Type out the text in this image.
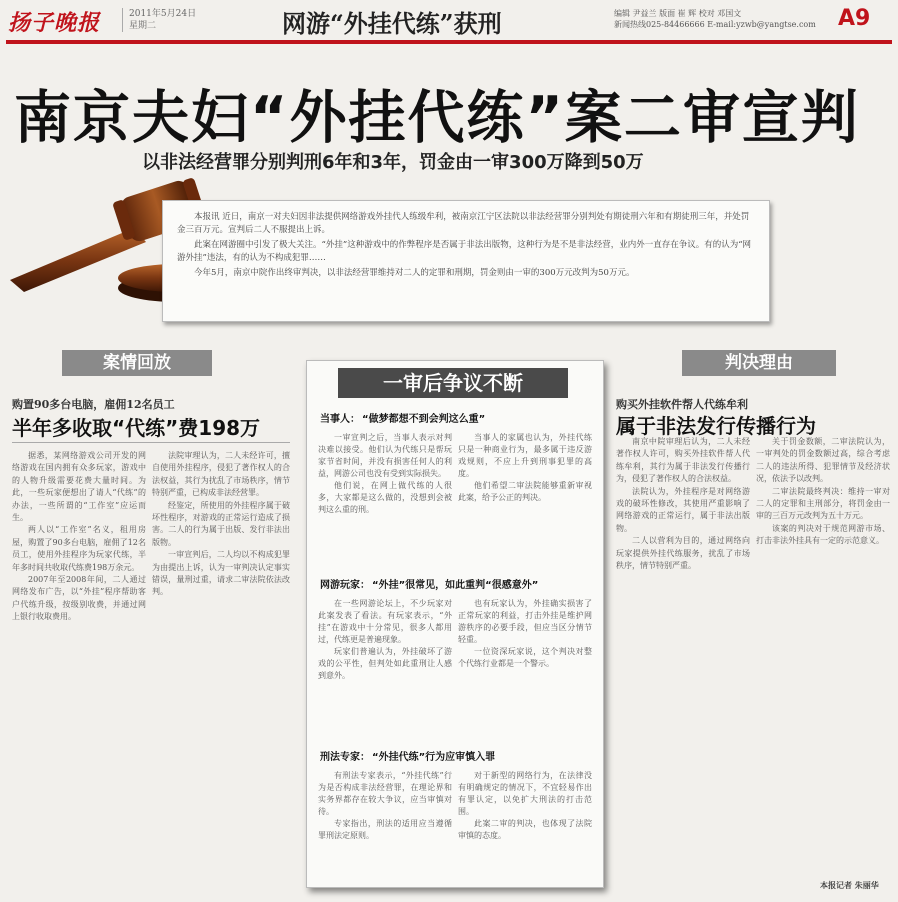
扬子晚报	2011年5月24日
星期二	网游“外挂代练”获刑	编辑 尹益兰 版面 崔 辉 校对 邓国文
新闻热线025-84466666 E-mail:yzwb@yangtse.com	A9
南京夫妇“外挂代练”案二审宣判
以非法经营罪分别判刑6年和3年，罚金由一审300万降到50万

本报讯 近日，南京一对夫妇因非法提供网络游戏外挂代人练级牟利，被南京江宁区法院以非法经营罪分别判处有期徒刑六年和有期徒刑三年，并处罚金三百万元。宣判后二人不服提出上诉。

此案在网游圈中引发了极大关注。“外挂”这种游戏中的作弊程序是否属于非法出版物，这种行为是不是非法经营，业内外一直存在争议。有的认为“网游外挂”违法，有的认为不构成犯罪……

今年5月，南京中院作出终审判决，以非法经营罪维持对二人的定罪和刑期，罚金则由一审的300万元改判为50万元。

案情回放
购置90多台电脑，雇佣12名员工
半年多收取“代练”费198万

据悉，某网络游戏公司开发的网络游戏在国内拥有众多玩家，游戏中的人物升级需要花费大量时间。为此，一些玩家便想出了请人“代练”的办法，一些所谓的“工作室”应运而生。

两人以“工作室”名义，租用房屋，购置了90多台电脑，雇佣了12名员工，使用外挂程序为玩家代练，半年多时间共收取代练费198万余元。

2007年至2008年间，二人通过网络发布广告，以“外挂”程序帮助客户代练升级，按级别收费，并通过网上银行收取费用。

法院审理认为，二人未经许可，擅自使用外挂程序，侵犯了著作权人的合法权益，其行为扰乱了市场秩序，情节特别严重，已构成非法经营罪。

经鉴定，所使用的外挂程序属于破坏性程序，对游戏的正常运行造成了损害。二人的行为属于出版、发行非法出版物。

一审宣判后，二人均以不构成犯罪为由提出上诉，认为一审判决认定事实错误，量刑过重，请求二审法院依法改判。

一审后争议不断
当事人： “做梦都想不到会判这么重”

一审宣判之后，当事人表示对判决难以接受。他们认为代练只是帮玩家节省时间，并没有损害任何人的利益，网游公司也没有受到实际损失。

他们说，在网上做代练的人很多，大家都是这么做的，没想到会被判这么重的刑。

当事人的家属也认为，外挂代练只是一种商业行为，最多属于违反游戏规则，不应上升到刑事犯罪的高度。

他们希望二审法院能够重新审视此案，给予公正的判决。

网游玩家： “外挂”很常见，如此重判“很感意外”

在一些网游论坛上，不少玩家对此案发表了看法。有玩家表示，“外挂”在游戏中十分常见，很多人都用过，代练更是普遍现象。

玩家们普遍认为，外挂破坏了游戏的公平性，但判处如此重刑让人感到意外。

也有玩家认为，外挂确实损害了正常玩家的利益，打击外挂是维护网游秩序的必要手段，但应当区分情节轻重。

一位资深玩家说，这个判决对整个代练行业都是一个警示。

刑法专家： “外挂代练”行为应审慎入罪

有刑法专家表示，“外挂代练”行为是否构成非法经营罪，在理论界和实务界都存在较大争议，应当审慎对待。

专家指出，刑法的适用应当遵循罪刑法定原则。

对于新型的网络行为，在法律没有明确规定的情况下，不宜轻易作出有罪认定，以免扩大刑法的打击范围。

此案二审的判决，也体现了法院审慎的态度。

判决理由
购买外挂软件帮人代练牟利
属于非法发行传播行为

南京中院审理后认为，二人未经著作权人许可，购买外挂软件帮人代练牟利，其行为属于非法发行传播行为，侵犯了著作权人的合法权益。

法院认为，外挂程序是对网络游戏的破坏性修改，其使用严重影响了网络游戏的正常运行，属于非法出版物。

二人以营利为目的，通过网络向玩家提供外挂代练服务，扰乱了市场秩序，情节特别严重。

关于罚金数额，二审法院认为，一审判处的罚金数额过高，综合考虑二人的违法所得、犯罪情节及经济状况，依法予以改判。

二审法院最终判决：维持一审对二人的定罪和主刑部分，将罚金由一审的三百万元改判为五十万元。

该案的判决对于规范网游市场、打击非法外挂具有一定的示范意义。

本报记者 朱丽华
